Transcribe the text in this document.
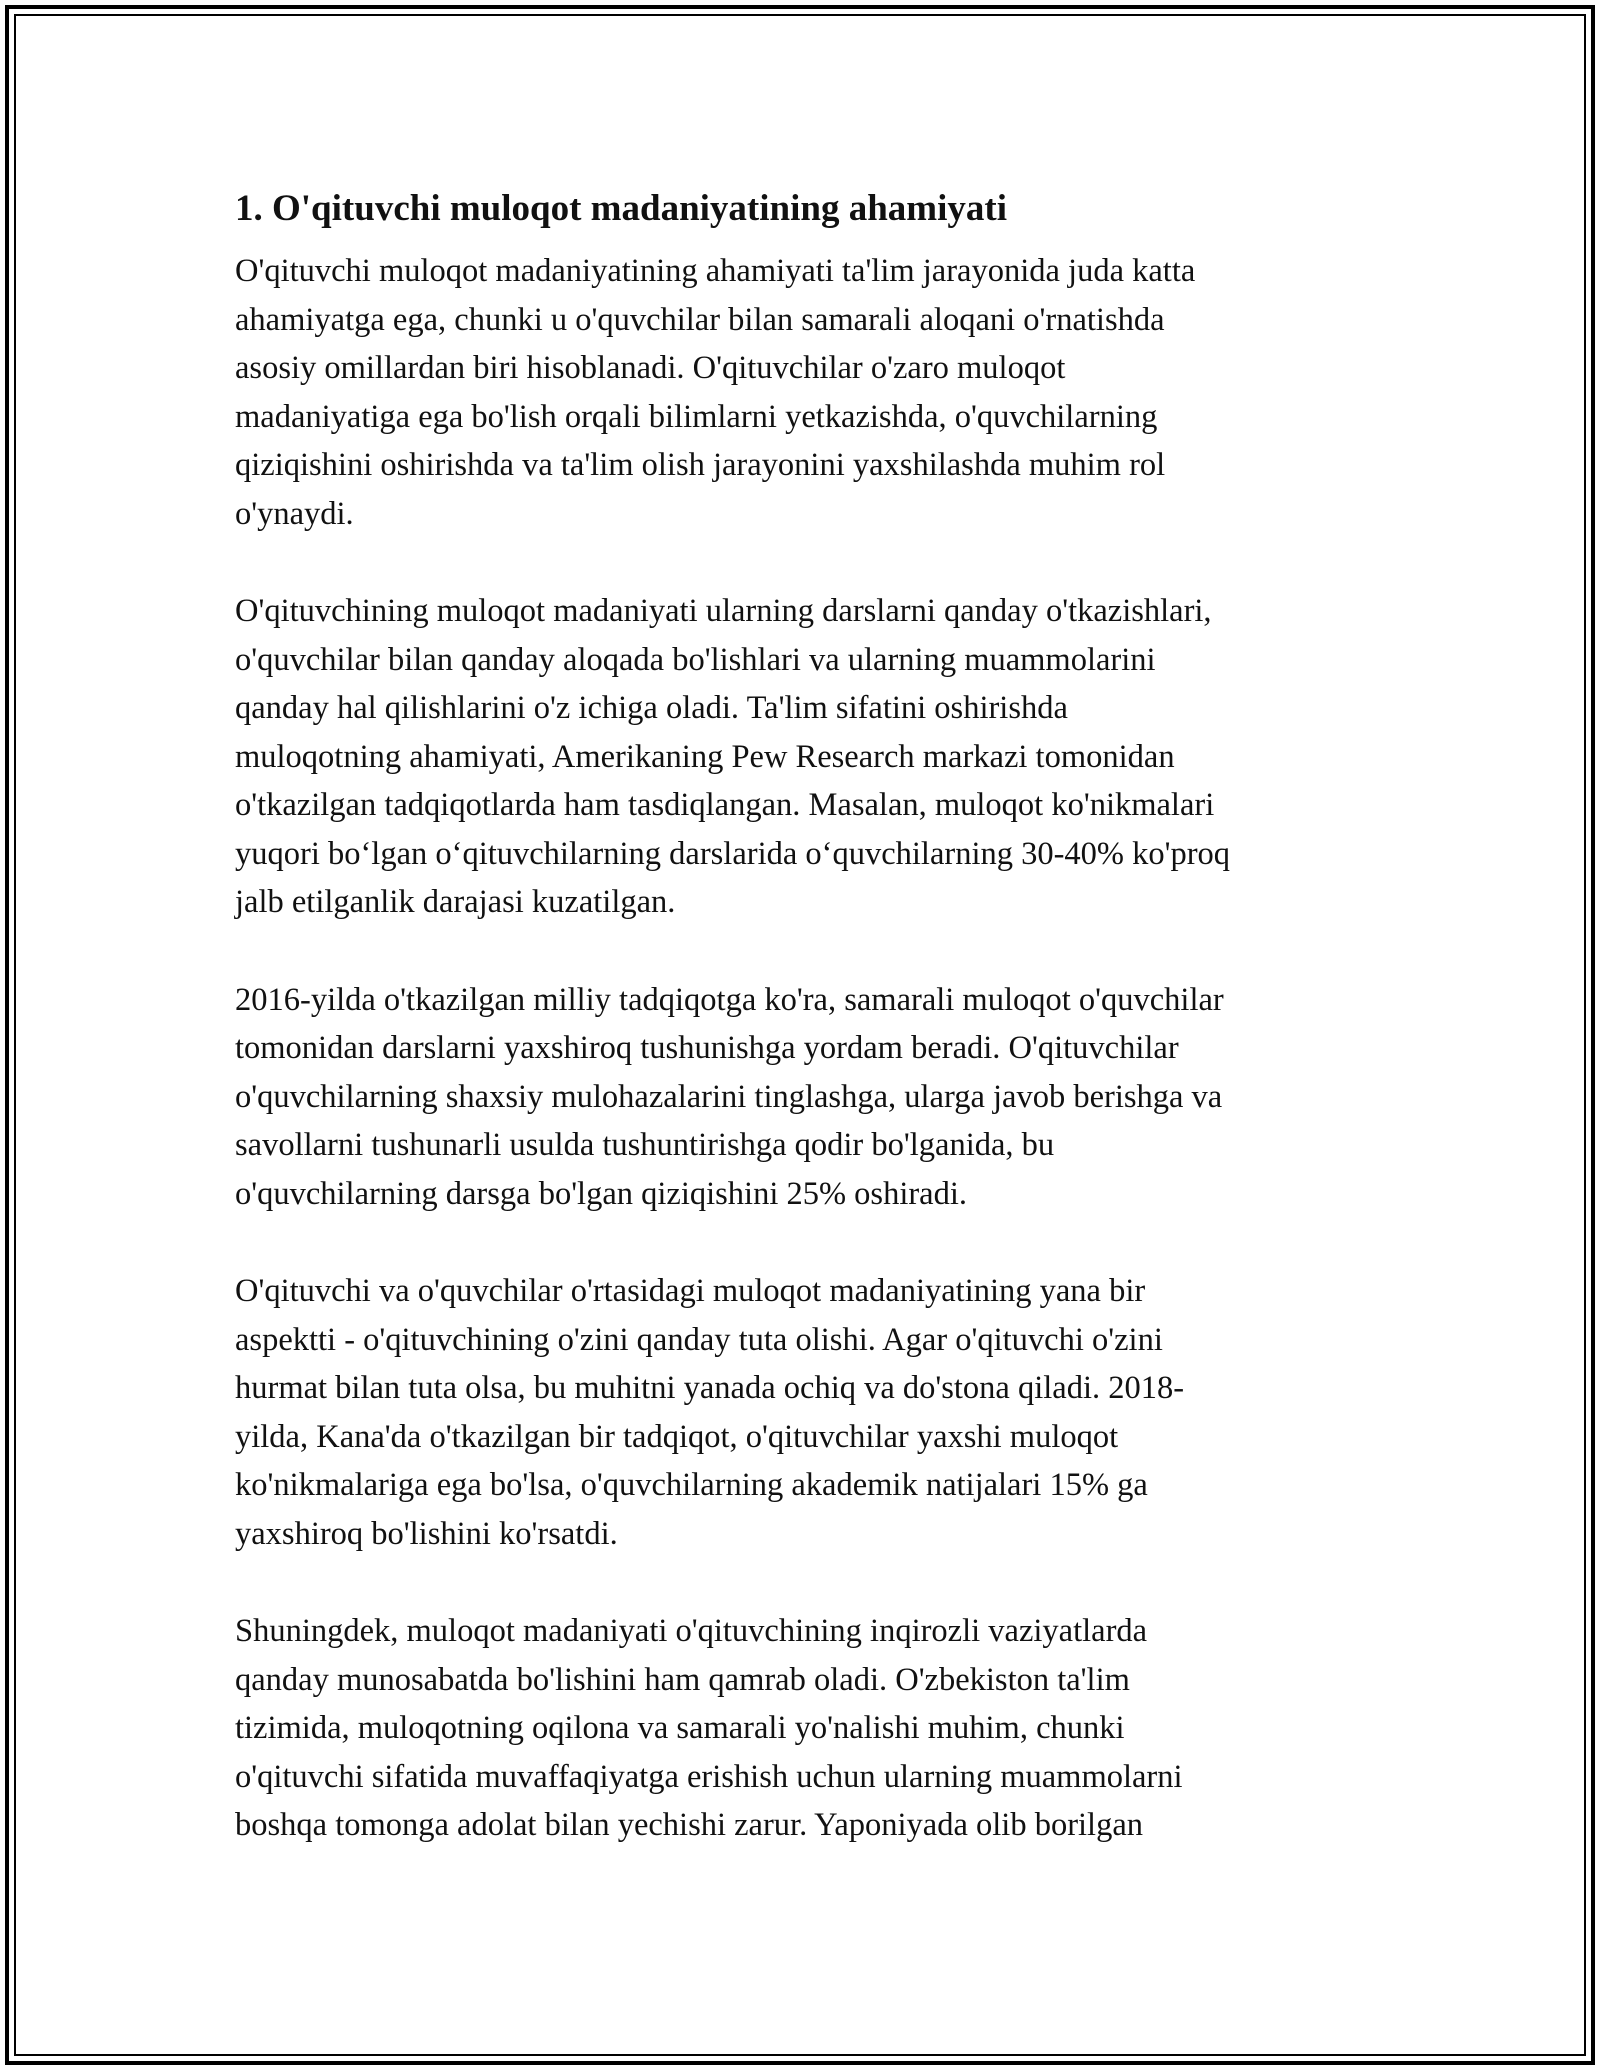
1. O'qituvchi muloqot madaniyatining ahamiyati
O'qituvchi muloqot madaniyatining ahamiyati ta'lim jarayonida juda katta
ahamiyatga ega, chunki u o'quvchilar bilan samarali aloqani o'rnatishda
asosiy omillardan biri hisoblanadi. O'qituvchilar o'zaro muloqot
madaniyatiga ega bo'lish orqali bilimlarni yetkazishda, o'quvchilarning
qiziqishini oshirishda va ta'lim olish jarayonini yaxshilashda muhim rol
o'ynaydi.
O'qituvchining muloqot madaniyati ularning darslarni qanday o'tkazishlari,
o'quvchilar bilan qanday aloqada bo'lishlari va ularning muammolarini
qanday hal qilishlarini o'z ichiga oladi. Ta'lim sifatini oshirishda
muloqotning ahamiyati, Amerikaning Pew Research markazi tomonidan
o'tkazilgan tadqiqotlarda ham tasdiqlangan. Masalan, muloqot ko'nikmalari
yuqori bo‘lgan o‘qituvchilarning darslarida o‘quvchilarning 30-40% ko'proq
jalb etilganlik darajasi kuzatilgan.
2016-yilda o'tkazilgan milliy tadqiqotga ko'ra, samarali muloqot o'quvchilar
tomonidan darslarni yaxshiroq tushunishga yordam beradi. O'qituvchilar
o'quvchilarning shaxsiy mulohazalarini tinglashga, ularga javob berishga va
savollarni tushunarli usulda tushuntirishga qodir bo'lganida, bu
o'quvchilarning darsga bo'lgan qiziqishini 25% oshiradi.
O'qituvchi va o'quvchilar o'rtasidagi muloqot madaniyatining yana bir
aspektti - o'qituvchining o'zini qanday tuta olishi. Agar o'qituvchi o'zini
hurmat bilan tuta olsa, bu muhitni yanada ochiq va do'stona qiladi. 2018-
yilda, Kana'da o'tkazilgan bir tadqiqot, o'qituvchilar yaxshi muloqot
ko'nikmalariga ega bo'lsa, o'quvchilarning akademik natijalari 15% ga
yaxshiroq bo'lishini ko'rsatdi.
Shuningdek, muloqot madaniyati o'qituvchining inqirozli vaziyatlarda
qanday munosabatda bo'lishini ham qamrab oladi. O'zbekiston ta'lim
tizimida, muloqotning oqilona va samarali yo'nalishi muhim, chunki
o'qituvchi sifatida muvaffaqiyatga erishish uchun ularning muammolarni
boshqa tomonga adolat bilan yechishi zarur. Yaponiyada olib borilgan
